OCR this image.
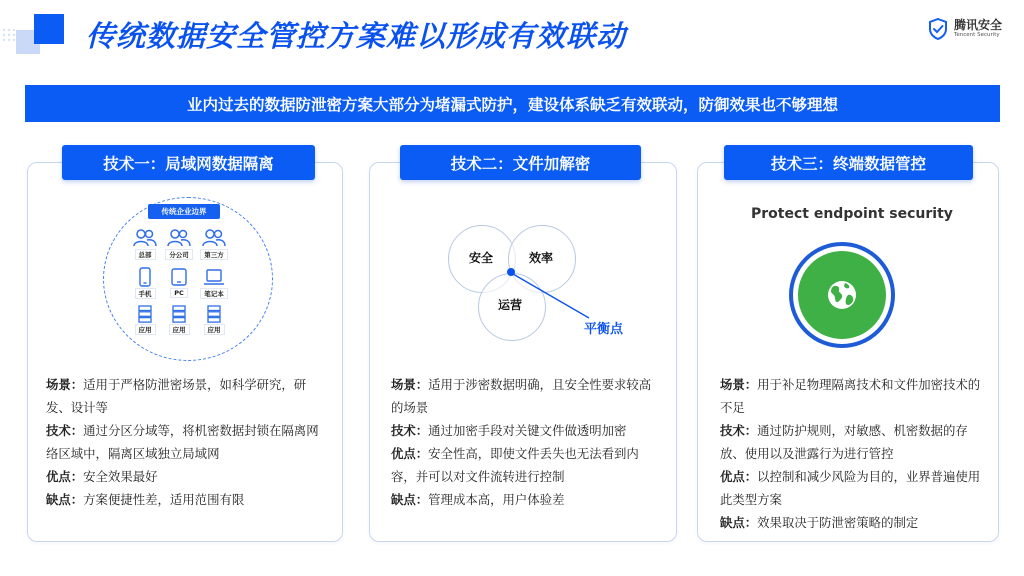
传统数据安全管控方案难以形成有效联动	腾讯安全
Tencent Security
业内过去的数据防泄密方案大部分为堵漏式防护，建设体系缺乏有效联动，防御效果也不够理想
技术一：局域网数据隔离	技术二：文件加解密	技术三：终端数据管控
传统企业边界
总部	分公司	第三方
手机	PC	笔记本
应用	应用	应用

场景：适用于严格防泄密场景，如科学研究，研发、设计等

技术：通过分区分域等，将机密数据封锁在隔离网络区域中，隔离区域独立局域网

优点：安全效果最好

缺点：方案便捷性差，适用范围有限

安全	效率
运营
平衡点

场景：适用于涉密数据明确，且安全性要求较高的场景

技术：通过加密手段对关键文件做透明加密

优点：安全性高，即使文件丢失也无法看到内容，并可以对文件流转进行控制

缺点：管理成本高，用户体验差

Protect endpoint security

场景：用于补足物理隔离技术和文件加密技术的不足

技术：通过防护规则，对敏感、机密数据的存放、使用以及泄露行为进行管控

优点：以控制和减少风险为目的，业界普遍使用此类型方案

缺点：效果取决于防泄密策略的制定
